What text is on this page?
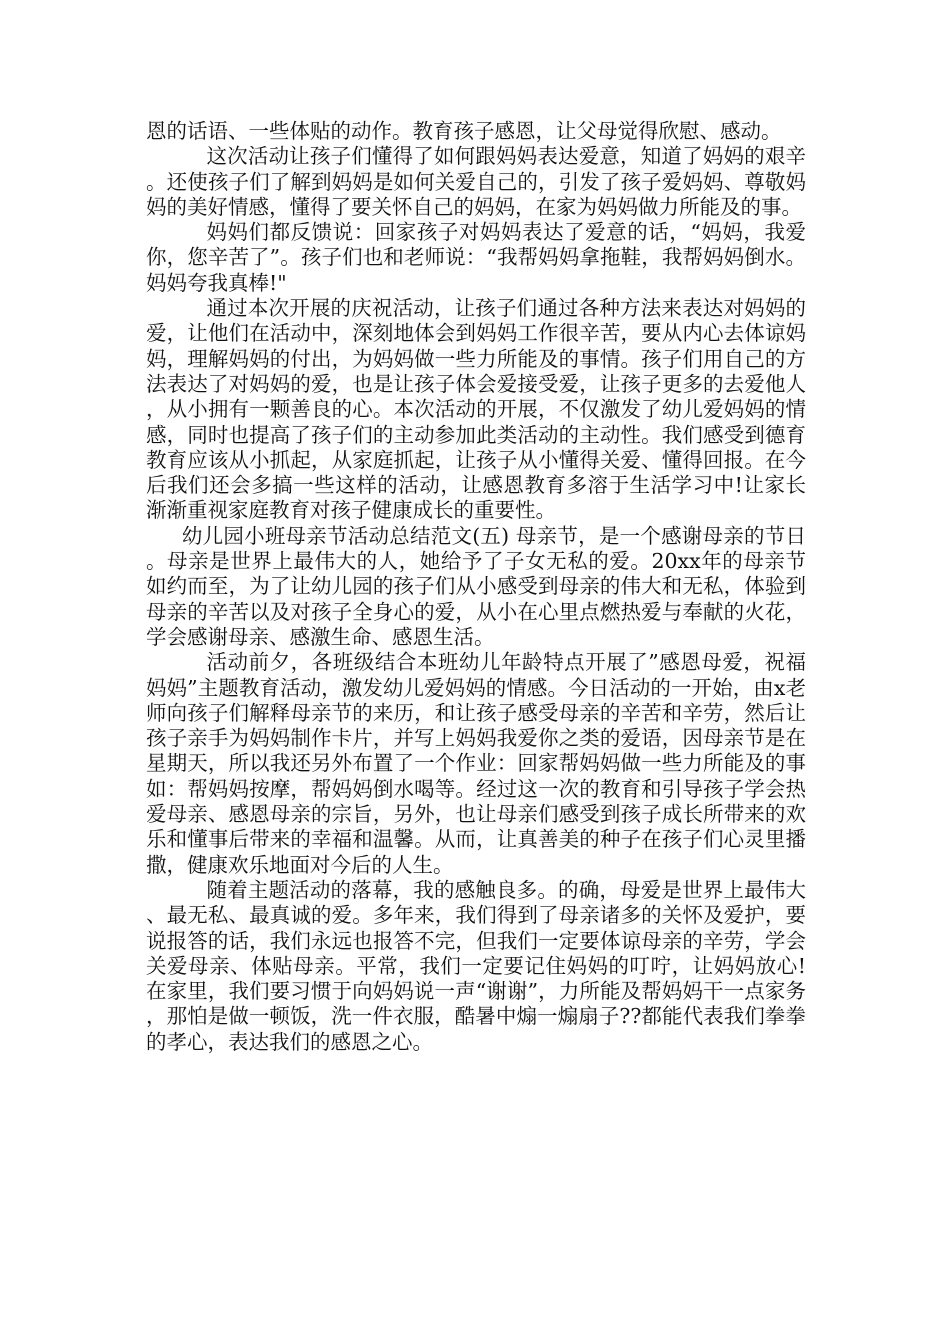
恩的话语、一些体贴的动作。教育孩子感恩，让父母觉得欣慰、感动。

这次活动让孩子们懂得了如何跟妈妈表达爱意，知道了妈妈的艰辛。还使孩子们了解到妈妈是如何关爱自己的，引发了孩子爱妈妈、尊敬妈妈的美好情感，懂得了要关怀自己的妈妈，在家为妈妈做力所能及的事。

妈妈们都反馈说：回家孩子对妈妈表达了爱意的话，“妈妈，我爱你，您辛苦了”。孩子们也和老师说：“我帮妈妈拿拖鞋，我帮妈妈倒水。妈妈夸我真棒!"

通过本次开展的庆祝活动，让孩子们通过各种方法来表达对妈妈的爱，让他们在活动中，深刻地体会到妈妈工作很辛苦，要从内心去体谅妈妈，理解妈妈的付出，为妈妈做一些力所能及的事情。孩子们用自己的方法表达了对妈妈的爱，也是让孩子体会爱接受爱，让孩子更多的去爱他人，从小拥有一颗善良的心。本次活动的开展，不仅激发了幼儿爱妈妈的情感，同时也提高了孩子们的主动参加此类活动的主动性。我们感受到德育教育应该从小抓起，从家庭抓起，让孩子从小懂得关爱、懂得回报。在今后我们还会多搞一些这样的活动，让感恩教育多溶于生活学习中!让家长渐渐重视家庭教育对孩子健康成长的重要性。

幼儿园小班母亲节活动总结范文(五) 母亲节，是一个感谢母亲的节日。母亲是世界上最伟大的人，她给予了子女无私的爱。20xx年的母亲节如约而至，为了让幼儿园的孩子们从小感受到母亲的伟大和无私，体验到母亲的辛苦以及对孩子全身心的爱，从小在心里点燃热爱与奉献的火花，学会感谢母亲、感激生命、感恩生活。

活动前夕，各班级结合本班幼儿年龄特点开展了”感恩母爱，祝福妈妈”主题教育活动，激发幼儿爱妈妈的情感。今日活动的一开始，由x老师向孩子们解释母亲节的来历，和让孩子感受母亲的辛苦和辛劳，然后让孩子亲手为妈妈制作卡片，并写上妈妈我爱你之类的爱语，因母亲节是在星期天，所以我还另外布置了一个作业：回家帮妈妈做一些力所能及的事如：帮妈妈按摩，帮妈妈倒水喝等。经过这一次的教育和引导孩子学会热爱母亲、感恩母亲的宗旨，另外，也让母亲们感受到孩子成长所带来的欢乐和懂事后带来的幸福和温馨。从而，让真善美的种子在孩子们心灵里播撒，健康欢乐地面对今后的人生。

随着主题活动的落幕，我的感触良多。的确，母爱是世界上最伟大、最无私、最真诚的爱。多年来，我们得到了母亲诸多的关怀及爱护，要说报答的话，我们永远也报答不完，但我们一定要体谅母亲的辛劳，学会关爱母亲、体贴母亲。平常，我们一定要记住妈妈的叮咛，让妈妈放心!在家里，我们要习惯于向妈妈说一声“谢谢”，力所能及帮妈妈干一点家务，那怕是做一顿饭，洗一件衣服，酷暑中煽一煽扇子??都能代表我们拳拳的孝心，表达我们的感恩之心。
